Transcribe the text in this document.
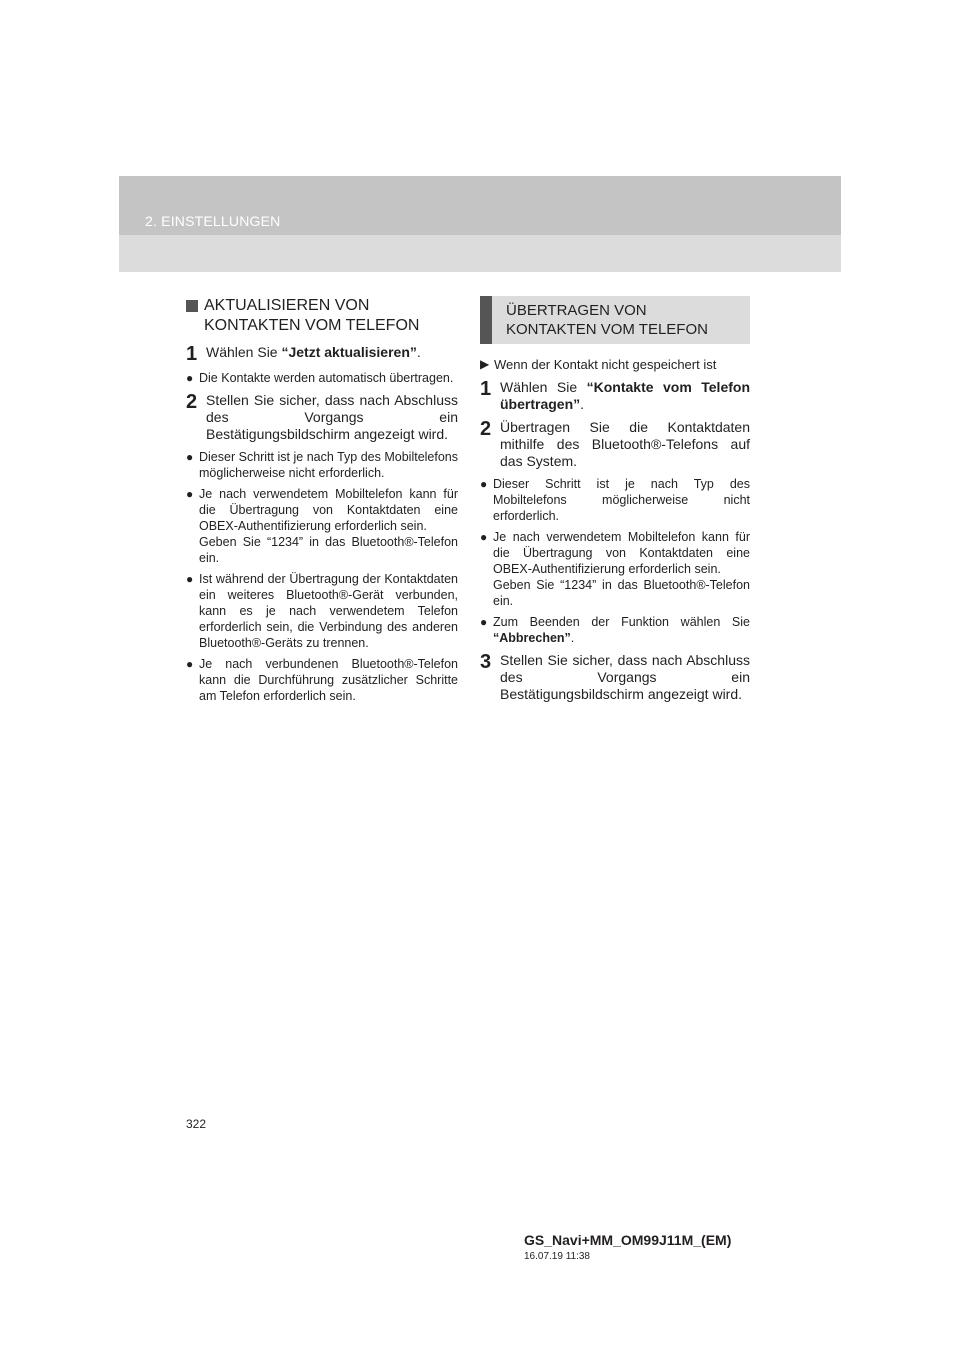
2. EINSTELLUNGEN
AKTUALISIEREN VON KONTAKTEN VOM TELEFON
1 Wählen Sie “Jetzt aktualisieren”.
● Die Kontakte werden automatisch übertragen.
2 Stellen Sie sicher, dass nach Abschluss des Vorgangs ein Bestätigungsbildschirm angezeigt wird.
● Dieser Schritt ist je nach Typ des Mobiltelefons möglicherweise nicht erforderlich.
● Je nach verwendetem Mobiltelefon kann für die Übertragung von Kontaktdaten eine OBEX-Authentifizierung erforderlich sein.
Geben Sie “1234” in das Bluetooth®-Telefon ein.
● Ist während der Übertragung der Kontaktdaten ein weiteres Bluetooth®-Gerät verbunden, kann es je nach verwendetem Telefon erforderlich sein, die Verbindung des anderen Bluetooth®-Geräts zu trennen.
● Je nach verbundenen Bluetooth®-Telefon kann die Durchführung zusätzlicher Schritte am Telefon erforderlich sein.
ÜBERTRAGEN VON
KONTAKTEN VOM TELEFON
▶ Wenn der Kontakt nicht gespeichert ist
1 Wählen Sie “Kontakte vom Telefon übertragen”.
2 Übertragen Sie die Kontaktdaten mithilfe des Bluetooth®-Telefons auf das System.
● Dieser Schritt ist je nach Typ des Mobiltelefons möglicherweise nicht erforderlich.
● Je nach verwendetem Mobiltelefon kann für die Übertragung von Kontaktdaten eine OBEX-Authentifizierung erforderlich sein.
Geben Sie “1234” in das Bluetooth®-Telefon ein.
● Zum Beenden der Funktion wählen Sie “Abbrechen”.
3 Stellen Sie sicher, dass nach Abschluss des Vorgangs ein Bestätigungsbildschirm angezeigt wird.
322
GS_Navi+MM_OM99J11M_(EM)
16.07.19 11:38
